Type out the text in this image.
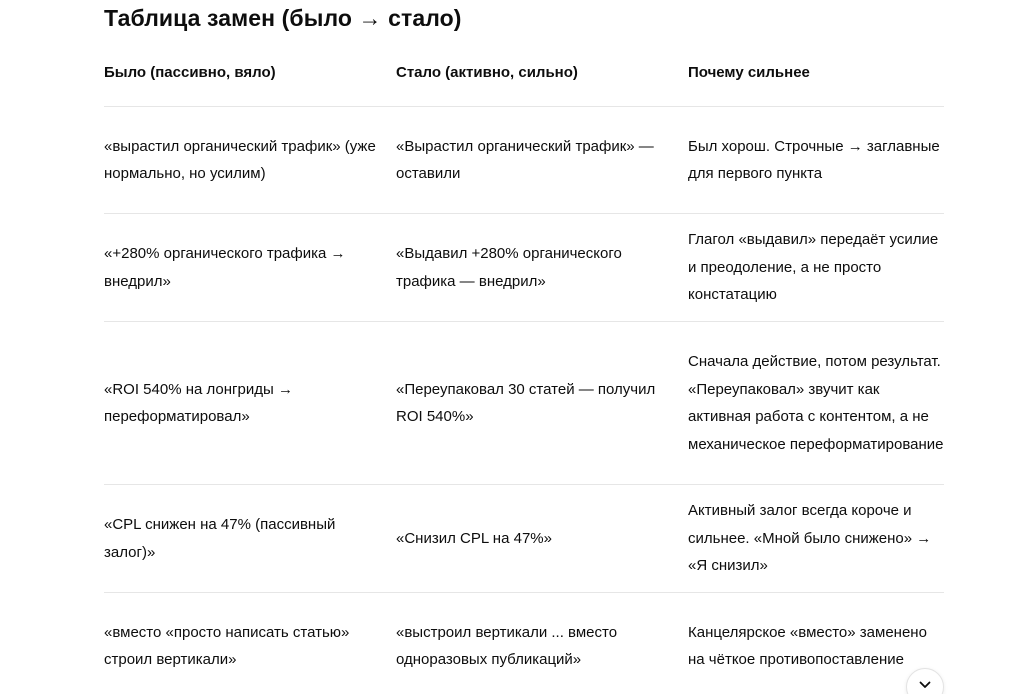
Таблица замен (было → стало)
Было (пассивно, вяло)	Стало (активно, сильно)	Почему сильнее
«вырастил органический трафик» (уже нормально, но усилим)	«Вырастил органический трафик» — оставили	Был хорош. Строчные → заглавные для первого пункта
«+280% органического трафика → внедрил»	«Выдавил +280% органического трафика — внедрил»	Глагол «выдавил» передаёт усилие и преодоление, а не просто констатацию
«ROI 540% на лонгриды → переформатировал»	«Переупаковал 30 статей — получил ROI 540%»	Сначала действие, потом результат. «Переупаковал» звучит как активная работа с контентом, а не механическое переформатирование
«CPL снижен на 47% (пассивный залог)»	«Снизил CPL на 47%»	Активный залог всегда короче и сильнее. «Мной было снижено» → «Я снизил»
«вместо «просто написать статью» строил вертикали»	«выстроил вертикали ... вместо одноразовых публикаций»	Канцелярское «вместо» заменено на чёткое противопоставление
